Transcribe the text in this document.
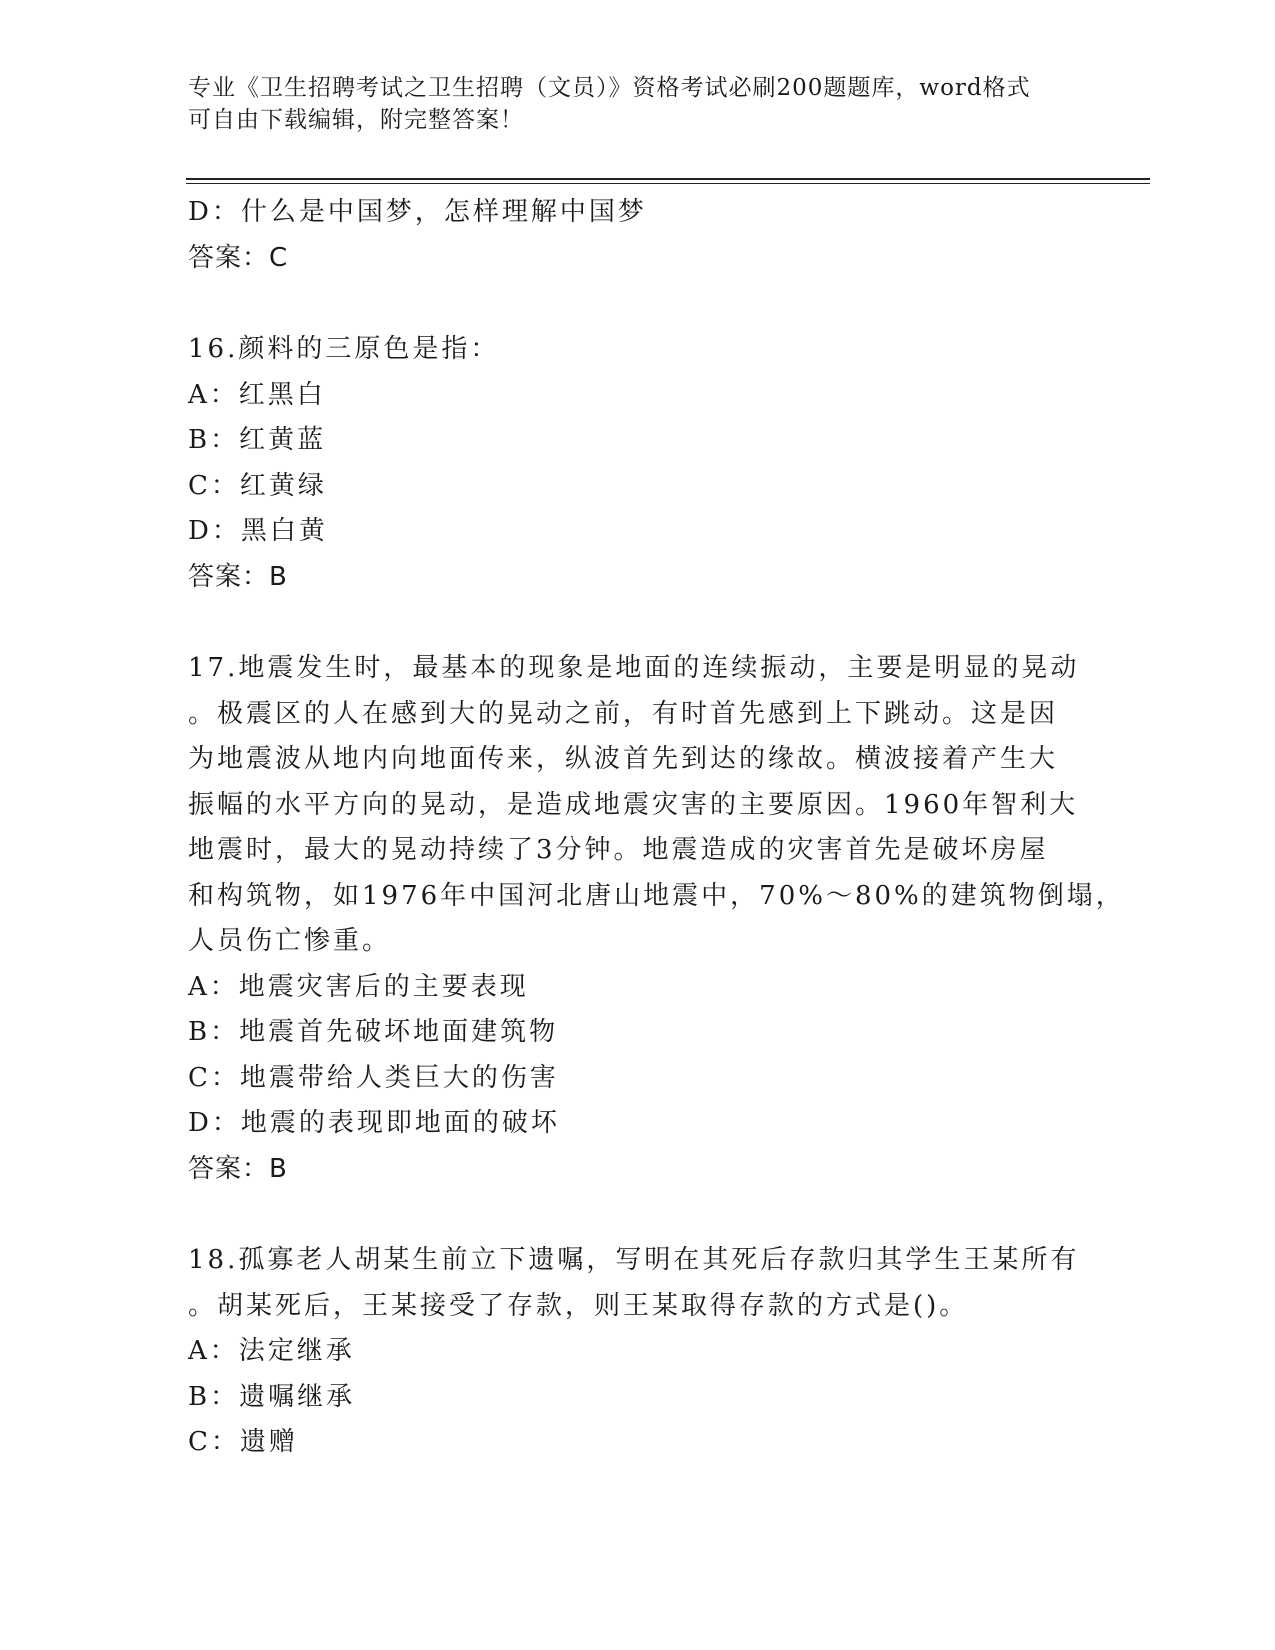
专业《卫生招聘考试之卫生招聘（文员）》资格考试必刷200题题库，word格式
可自由下载编辑，附完整答案！
D：什么是中国梦，怎样理解中国梦
答案：C
16.颜料的三原色是指：
A：红黑白
B：红黄蓝
C：红黄绿
D：黑白黄
答案：B
17.地震发生时，最基本的现象是地面的连续振动，主要是明显的晃动
。极震区的人在感到大的晃动之前，有时首先感到上下跳动。这是因
为地震波从地内向地面传来，纵波首先到达的缘故。横波接着产生大
振幅的水平方向的晃动，是造成地震灾害的主要原因。1960年智利大
地震时，最大的晃动持续了3分钟。地震造成的灾害首先是破坏房屋
和构筑物，如1976年中国河北唐山地震中，70%～80%的建筑物倒塌，
人员伤亡惨重。
A：地震灾害后的主要表现
B：地震首先破坏地面建筑物
C：地震带给人类巨大的伤害
D：地震的表现即地面的破坏
答案：B
18.孤寡老人胡某生前立下遗嘱，写明在其死后存款归其学生王某所有
。胡某死后，王某接受了存款，则王某取得存款的方式是()。
A：法定继承
B：遗嘱继承
C：遗赠
